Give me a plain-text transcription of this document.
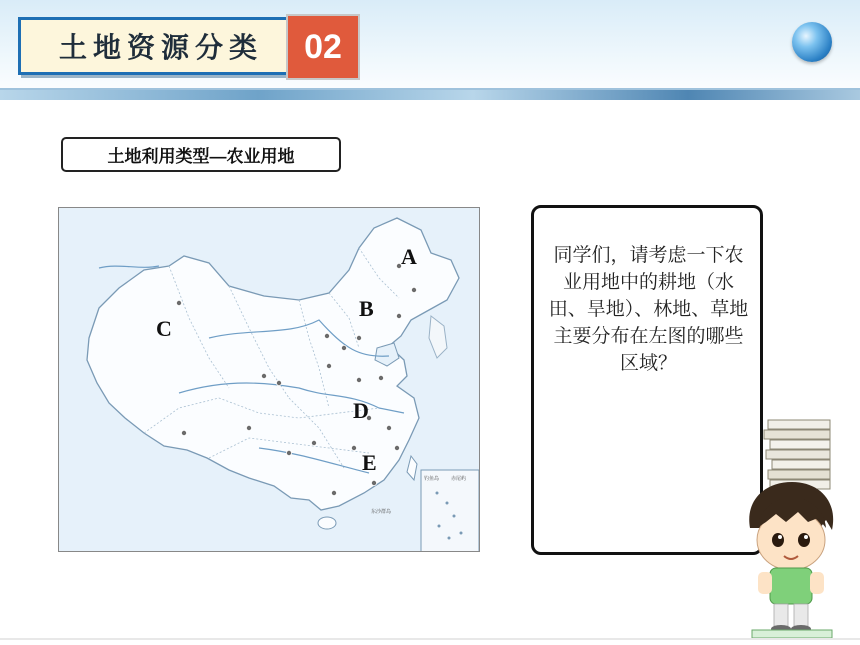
土地资源分类 02
土地利用类型—农业用地
钓鱼岛 赤尾屿
东沙群岛
A
B
C
D
E
同学们，请考虑一下农业用地中的耕地（水田、旱地）、林地、草地主要分布在左图的哪些区域？
